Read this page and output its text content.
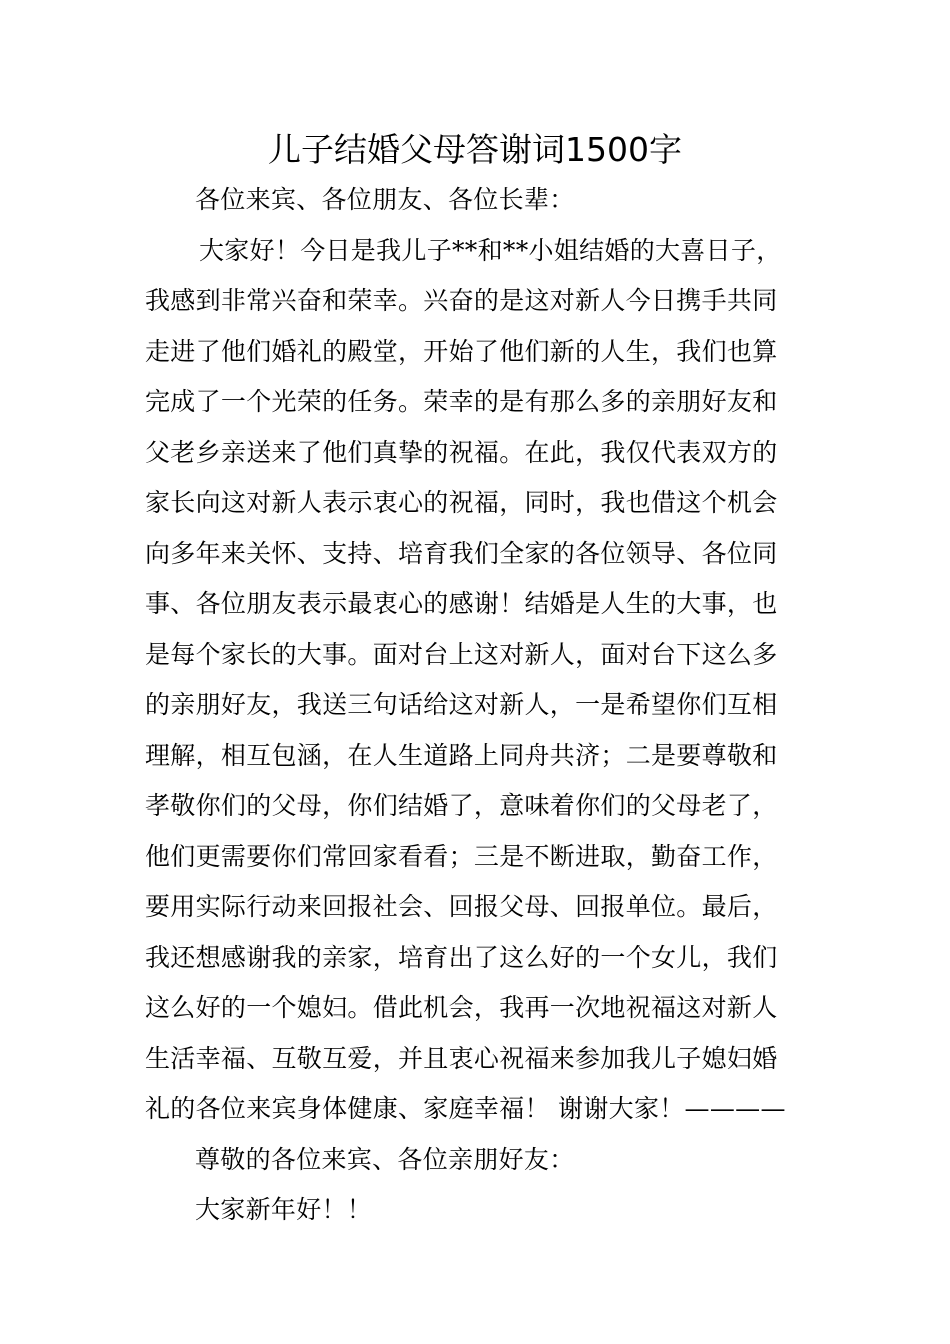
儿子结婚父母答谢词1500字

各位来宾、各位朋友、各位长辈：

大家好！今日是我儿子**和**小姐结婚的大喜日子，
我感到非常兴奋和荣幸。兴奋的是这对新人今日携手共同
走进了他们婚礼的殿堂，开始了他们新的人生，我们也算
完成了一个光荣的任务。荣幸的是有那么多的亲朋好友和
父老乡亲送来了他们真挚的祝福。在此，我仅代表双方的
家长向这对新人表示衷心的祝福，同时，我也借这个机会
向多年来关怀、支持、培育我们全家的各位领导、各位同
事、各位朋友表示最衷心的感谢！结婚是人生的大事，也
是每个家长的大事。面对台上这对新人，面对台下这么多
的亲朋好友，我送三句话给这对新人，一是希望你们互相
理解，相互包涵，在人生道路上同舟共济；二是要尊敬和
孝敬你们的父母，你们结婚了，意味着你们的父母老了，
他们更需要你们常回家看看；三是不断进取，勤奋工作，
要用实际行动来回报社会、回报父母、回报单位。最后，
我还想感谢我的亲家，培育出了这么好的一个女儿，我们
这么好的一个媳妇。借此机会，我再一次地祝福这对新人
生活幸福、互敬互爱，并且衷心祝福来参加我儿子媳妇婚
礼的各位来宾身体健康、家庭幸福！ 谢谢大家！————

尊敬的各位来宾、各位亲朋好友：

大家新年好！！
